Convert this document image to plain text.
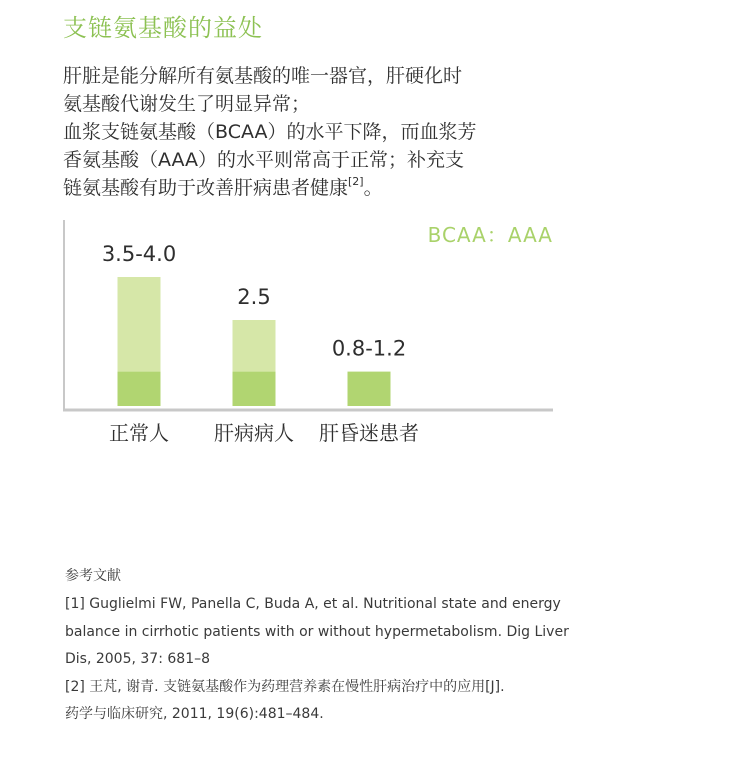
支链氨基酸的益处
肝脏是能分解所有氨基酸的唯一器官，肝硬化时
氨基酸代谢发生了明显异常；
血浆支链氨基酸（BCAA）的水平下降，而血浆芳
香氨基酸（AAA）的水平则常高于正常；补充支
链氨基酸有助于改善肝病患者健康[2]。
BCAA：AAA
3.5-4.0
正常人
2.5
肝病病人
0.8-1.2
肝昏迷患者
参考文献
[1] Guglielmi FW, Panella C, Buda A, et al. Nutritional state and energy
balance in cirrhotic patients with or without hypermetabolism. Dig Liver
Dis, 2005, 37: 681–8
[2] 王芃, 谢青. 支链氨基酸作为药理营养素在慢性肝病治疗中的应用[J].
药学与临床研究, 2011, 19(6):481–484.
